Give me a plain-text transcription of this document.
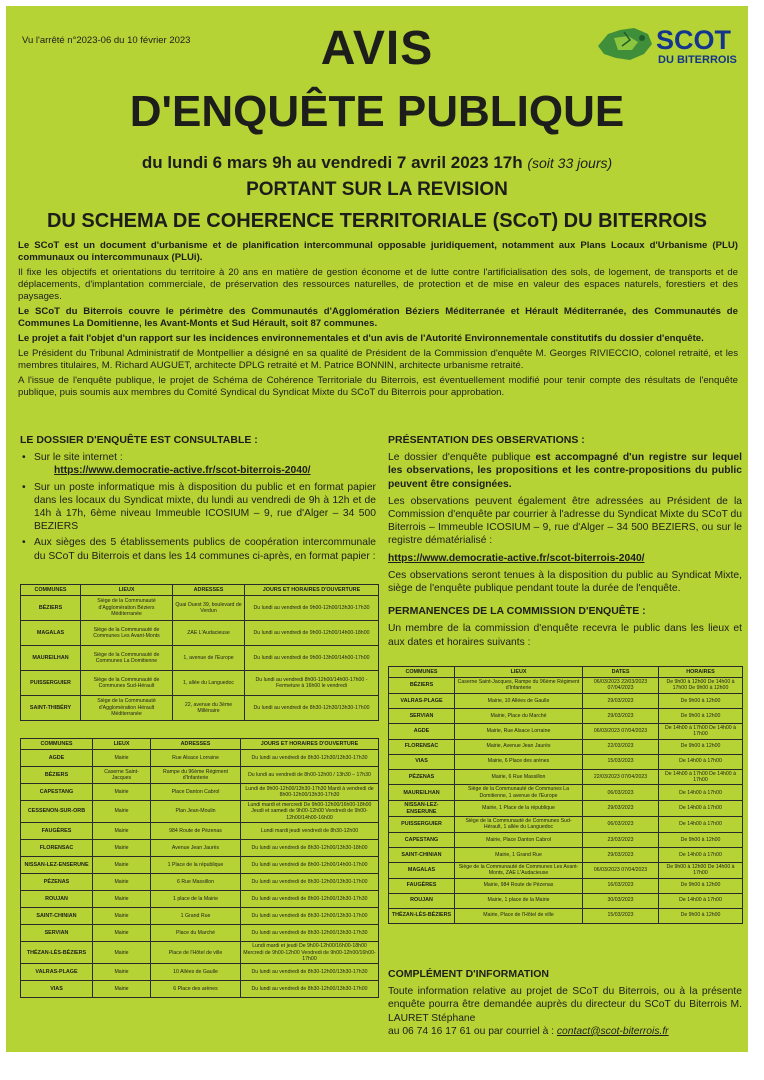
Vu l'arrêté n°2023-06 du 10 février 2023	AVIS
D'ENQUÊTE PUBLIQUE
SCOT
DU BITERROIS
du lundi 6 mars 9h au vendredi 7 avril 2023 17h (soit 33 jours)
PORTANT SUR LA REVISION
DU SCHEMA DE COHERENCE TERRITORIALE (SCoT) DU BITERROIS

Le SCoT est un document d'urbanisme et de planification intercommunal opposable juridiquement, notamment aux Plans Locaux d'Urbanisme (PLU) communaux ou intercommunaux (PLUi).

Il fixe les objectifs et orientations du territoire à 20 ans en matière de gestion économe et de lutte contre l'artificialisation des sols, de logement, de transports et de déplacements, d'implantation commerciale, de préservation des ressources naturelles, de protection et de mise en valeur des espaces naturels, forestiers et des paysages.

Le SCoT du Biterrois couvre le périmètre des Communautés d'Agglomération Béziers Méditerranée et Hérault Méditerranée, des Communautés de Communes La Domitienne, les Avant-Monts et Sud Hérault, soit 87 communes.

Le projet a fait l'objet d'un rapport sur les incidences environnementales et d'un avis de l'Autorité Environnementale constitutifs du dossier d'enquête.

Le Président du Tribunal Administratif de Montpellier a désigné en sa qualité de Président de la Commission d'enquête M. Georges RIVIECCIO, colonel retraité, et les membres titulaires, M. Richard AUGUET, architecte DPLG retraité et M. Patrice BONNIN, architecte urbanisme retraité.

A l'issue de l'enquête publique, le projet de Schéma de Cohérence Territoriale du Biterrois, est éventuellement modifié pour tenir compte des résultats de l'enquête publique, puis soumis aux membres du Comité Syndical du Syndicat Mixte du SCoT du Biterrois pour approbation.

LE DOSSIER D'ENQUÊTE EST CONSULTABLE :
• Sur le site internet :
https://www.democratie-active.fr/scot-biterrois-2040/
• Sur un poste informatique mis à disposition du public et en format papier dans les locaux du Syndicat mixte, du lundi au vendredi de 9h à 12h et de 14h à 17h, 6ème niveau Immeuble ICOSIUM – 9, rue d'Alger – 34 500 BEZIERS
• Aux sièges des 5 établissements publics de coopération intercommunale du SCoT du Biterrois et dans les 14 communes ci-après, en format papier :
COMMUNES	LIEUX	ADRESSES	JOURS ET HORAIRES D'OUVERTURE
BÉZIERS	Siège de la Communauté d'Agglomération Béziers Méditerranée	Quai Ouest 39, boulevard de Verdun	Du lundi au vendredi de 9h00-12h00/13h30-17h30
MAGALAS	Siège de la Communauté de Communes Les Avant-Monts	ZAE L'Audacieuse	Du lundi au vendredi de 9h00-12h00/14h00-18h00
MAUREILHAN	Siège de la Communauté de Communes La Domitienne	1, avenue de l'Europe	Du lundi au vendredi de 9h00-13h00/14h00-17h00
PUISSERGUIER	Siège de la Communauté de Communes Sud-Hérault	1, allée du Languedoc	Du lundi au vendredi 8h00-12h00/14h00-17h00 - Fermeture à 16h00 le vendredi
SAINT-THIBÉRY	Siège de la Communauté d'Agglomération Hérault Méditerranée	22, avenue du 3ème Millénaire	Du lundi au vendredi de 8h30-12h30/13h30-17h00
COMMUNES	LIEUX	ADRESSES	JOURS ET HORAIRES D'OUVERTURE
AGDE	Mairie	Rue Alsace Lorraine	Du lundi au vendredi de 8h30-12h30/13h30-17h30
BÉZIERS	Caserne Saint-Jacques	Rampe du 96ème Régiment d'Infanterie	Du lundi au vendredi de 8h00-12h00 / 13h30 – 17h30
CAPESTANG	Mairie	Place Danton Cabrol	Lundi de 9h00-12h00/13h30-17h30 Mardi à vendredi de 8h00-12h00/13h30-17h30
CESSENON-SUR-ORB	Mairie	Plan Jean-Moulin	Lundi mardi et mercredi De 9h00-12h00/16h00-18h00 Jeudi et samedi de 9h00-12h00 Vendredi de 9h00-12h00/14h00-16h00
FAUGÈRES	Mairie	984 Route de Pézenas	Lundi mardi jeudi vendredi de 8h30-12h00
FLORENSAC	Mairie	Avenue Jean Jaurès	Du lundi au vendredi de 8h30-12h00/13h30-18h00
NISSAN-LEZ-ENSERUNE	Mairie	1 Place de la république	Du lundi au vendredi de 8h00-12h00/14h00-17h00
PÉZENAS	Mairie	6 Rue Massillon	Du lundi au vendredi de 8h30-12h00/13h30-17h00
ROUJAN	Mairie	1 place de la Mairie	Du lundi au vendredi de 8h00-12h00/13h30-17h30
SAINT-CHINIAN	Mairie	1 Grand Rue	Du lundi au vendredi de 8h30-12h00/13h30-17h00
SERVIAN	Mairie	Place du Marché	Du lundi au vendredi de 8h30-12h00/13h30-17h30
THÉZAN-LÈS-BÉZIERS	Mairie	Place de l'Hôtel de ville	Lundi mardi et jeudi De 9h00-12h00/16h00-18h00 Mercredi de 9h00-12h00 Vendredi de 9h00-12h00/16h00-17h00
VALRAS-PLAGE	Mairie	10 Allées de Gaulle	Du lundi au vendredi de 8h30-12h00/13h30-17h30
VIAS	Mairie	6 Place des arènes	Du lundi au vendredi de 8h30-12h00/13h30-17h00
PRÉSENTATION DES OBSERVATIONS :

Le dossier d'enquête publique est accompagné d'un registre sur lequel les observations, les propositions et les contre-propositions du public peuvent être consignées.

Les observations peuvent également être adressées au Président de la Commission d'enquête par courrier à l'adresse du Syndicat Mixte du SCoT du Biterrois – Immeuble ICOSIUM – 9, rue d'Alger – 34 500 BEZIERS, ou sur le registre dématérialisé :

https://www.democratie-active.fr/scot-biterrois-2040/

Ces observations seront tenues à la disposition du public au Syndicat Mixte, siège de l'enquête publique pendant toute la durée de l'enquête.

PERMANENCES DE LA COMMISSION D'ENQUÊTE :

Un membre de la commission d'enquête recevra le public dans les lieux et aux dates et horaires suivants :

COMMUNES	LIEUX	DATES	HORAIRES
BÉZIERS	Caserne Saint-Jacques, Rampe du 96ème Régiment d'Infanterie	06/03/2023 22/03/2023 07/04/2023	De 9h00 à 12h00 De 14h00 à 17h00 De 9h00 à 12h00
VALRAS-PLAGE	Mairie, 10 Allées de Gaulle	29/03/2023	De 9h00 à 12h00
SERVIAN	Mairie, Place du Marché	29/03/2023	De 9h00 à 12h00
AGDE	Mairie, Rue Alsace Lorraine	06/03/2023 07/04/2023	De 14h00 à 17h00 De 14h00 à 17h00
FLORENSAC	Mairie, Avenue Jean Jaurès	22/03/2023	De 9h00 à 12h00
VIAS	Mairie, 6 Place des arènes	15/03/2023	De 14h00 à 17h00
PÉZENAS	Mairie, 6 Rue Massillon	22/03/2023 07/04/2023	De 14h00 à 17h00 De 14h00 à 17h00
MAUREILHAN	Siège de la Communauté de Communes La Domitienne, 1 avenue de l'Europe	06/03/2023	De 14h00 à 17h00
NISSAN-LEZ-ENSERUNE	Mairie, 1 Place de la république	29/03/2023	De 14h00 à 17h00
PUISSERGUIER	Siège de la Communauté de Communes Sud-Hérault, 1 allée du Languedoc	06/03/2023	De 14h00 à 17h00
CAPESTANG	Mairie, Place Danton Cabrol	23/03/2023	De 9h00 à 12h00
SAINT-CHINIAN	Mairie, 1 Grand Rue	29/03/2023	De 14h00 à 17h00
MAGALAS	Siège de la Communauté de Communes Les Avant-Monts, ZAE L'Audacieuse	06/03/2023 07/04/2023	De 9h00 à 12h00 De 14h00 à 17h00
FAUGÈRES	Mairie, 984 Route de Pézenas	16/03/2023	De 9h00 à 12h00
ROUJAN	Mairie, 1 place de la Mairie	30/03/2023	De 14h00 à 17h00
THÉZAN-LÈS-BÉZIERS	Mairie, Place de l'Hôtel de ville	15/03/2023	De 9h00 à 12h00
COMPLÉMENT D'INFORMATION

Toute information relative au projet de SCoT du Biterrois, ou à la présente enquête pourra être demandée auprès du directeur du SCoT du Biterrois M. LAURET Stéphane

au 06 74 16 17 61 ou par courriel à : contact@scot-biterrois.fr
